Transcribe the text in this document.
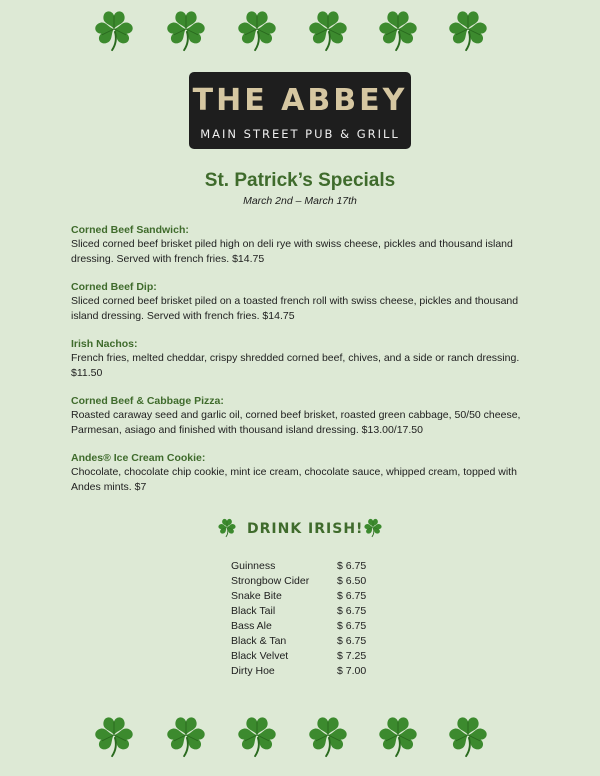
THE ABBEY
MAIN STREET PUB & GRILL
St. Patrick’s Specials
March 2nd – March 17th
Corned Beef Sandwich:
Sliced corned beef brisket piled high on deli rye with swiss cheese, pickles and thousand island dressing. Served with french fries. $14.75
Corned Beef Dip:
Sliced corned beef brisket piled on a toasted french roll with swiss cheese, pickles and thousand island dressing. Served with french fries. $14.75
Irish Nachos:
French fries, melted cheddar, crispy shredded corned beef, chives, and a side or ranch dressing. $11.50
Corned Beef & Cabbage Pizza:
Roasted caraway seed and garlic oil, corned beef brisket, roasted green cabbage, 50/50 cheese, Parmesan, asiago and finished with thousand island dressing. $13.00/17.50
Andes® Ice Cream Cookie:
Chocolate, chocolate chip cookie, mint ice cream, chocolate sauce, whipped cream, topped with Andes mints. $7
DRINK IRISH!
Guinness	$ 6.75
Strongbow Cider	$ 6.50
Snake Bite	$ 6.75
Black Tail	$ 6.75
Bass Ale	$ 6.75
Black & Tan	$ 6.75
Black Velvet	$ 7.25
Dirty Hoe	$ 7.00
